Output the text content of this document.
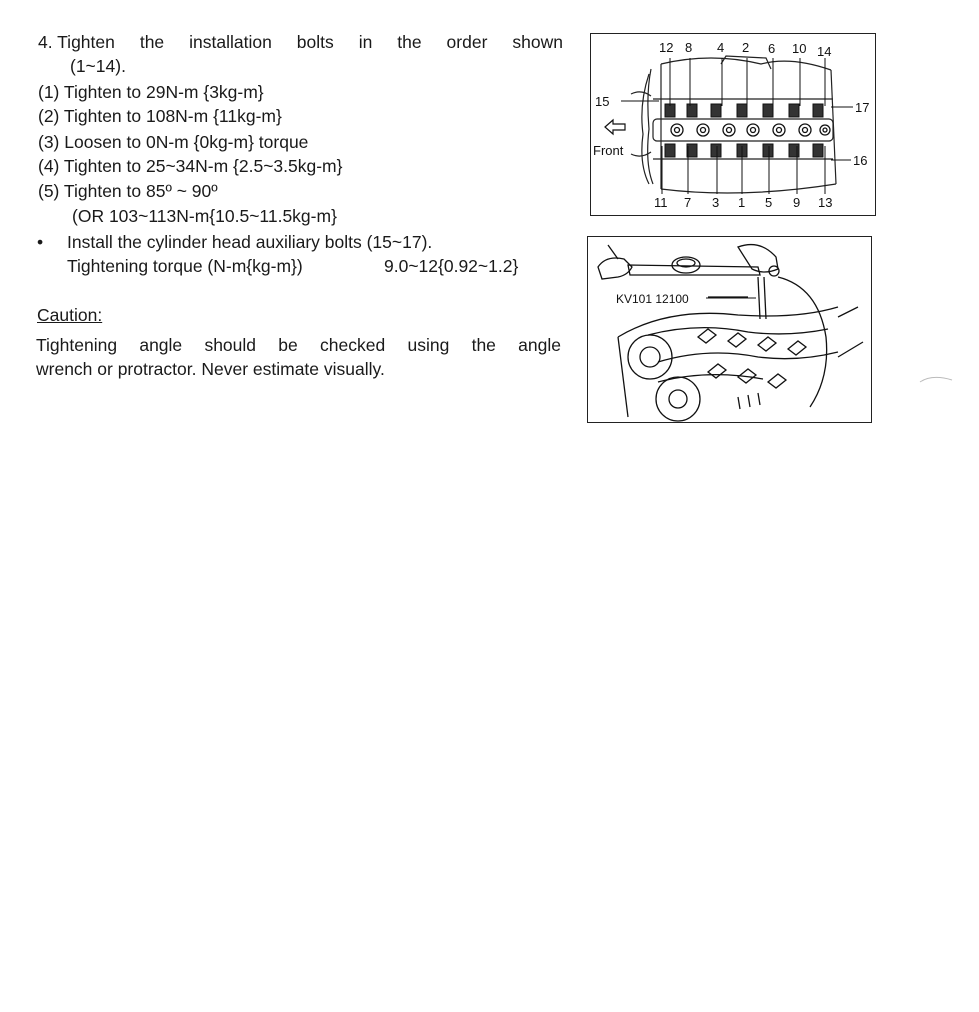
4. Tighten the installation bolts in the order shown
(1~14).
(1) Tighten to 29N-m {3kg-m}
(2) Tighten to 108N-m {11kg-m}
(3) Loosen to 0N-m {0kg-m} torque
(4) Tighten to 25~34N-m {2.5~3.5kg-m}
(5) Tighten to 85º ~ 90º
(OR 103~113N-m{10.5~11.5kg-m}
• Install the cylinder head auxiliary bolts (15~17).
Tightening torque (N-m{kg-m})	9.0~12{0.92~1.2}
Caution:
Tightening angle should be checked using the angle
wrench or protractor. Never estimate visually.
12 8 4 2 6 10 14
11 7 3 1 5 9 13
15	17
16
Front
KV101 12100
